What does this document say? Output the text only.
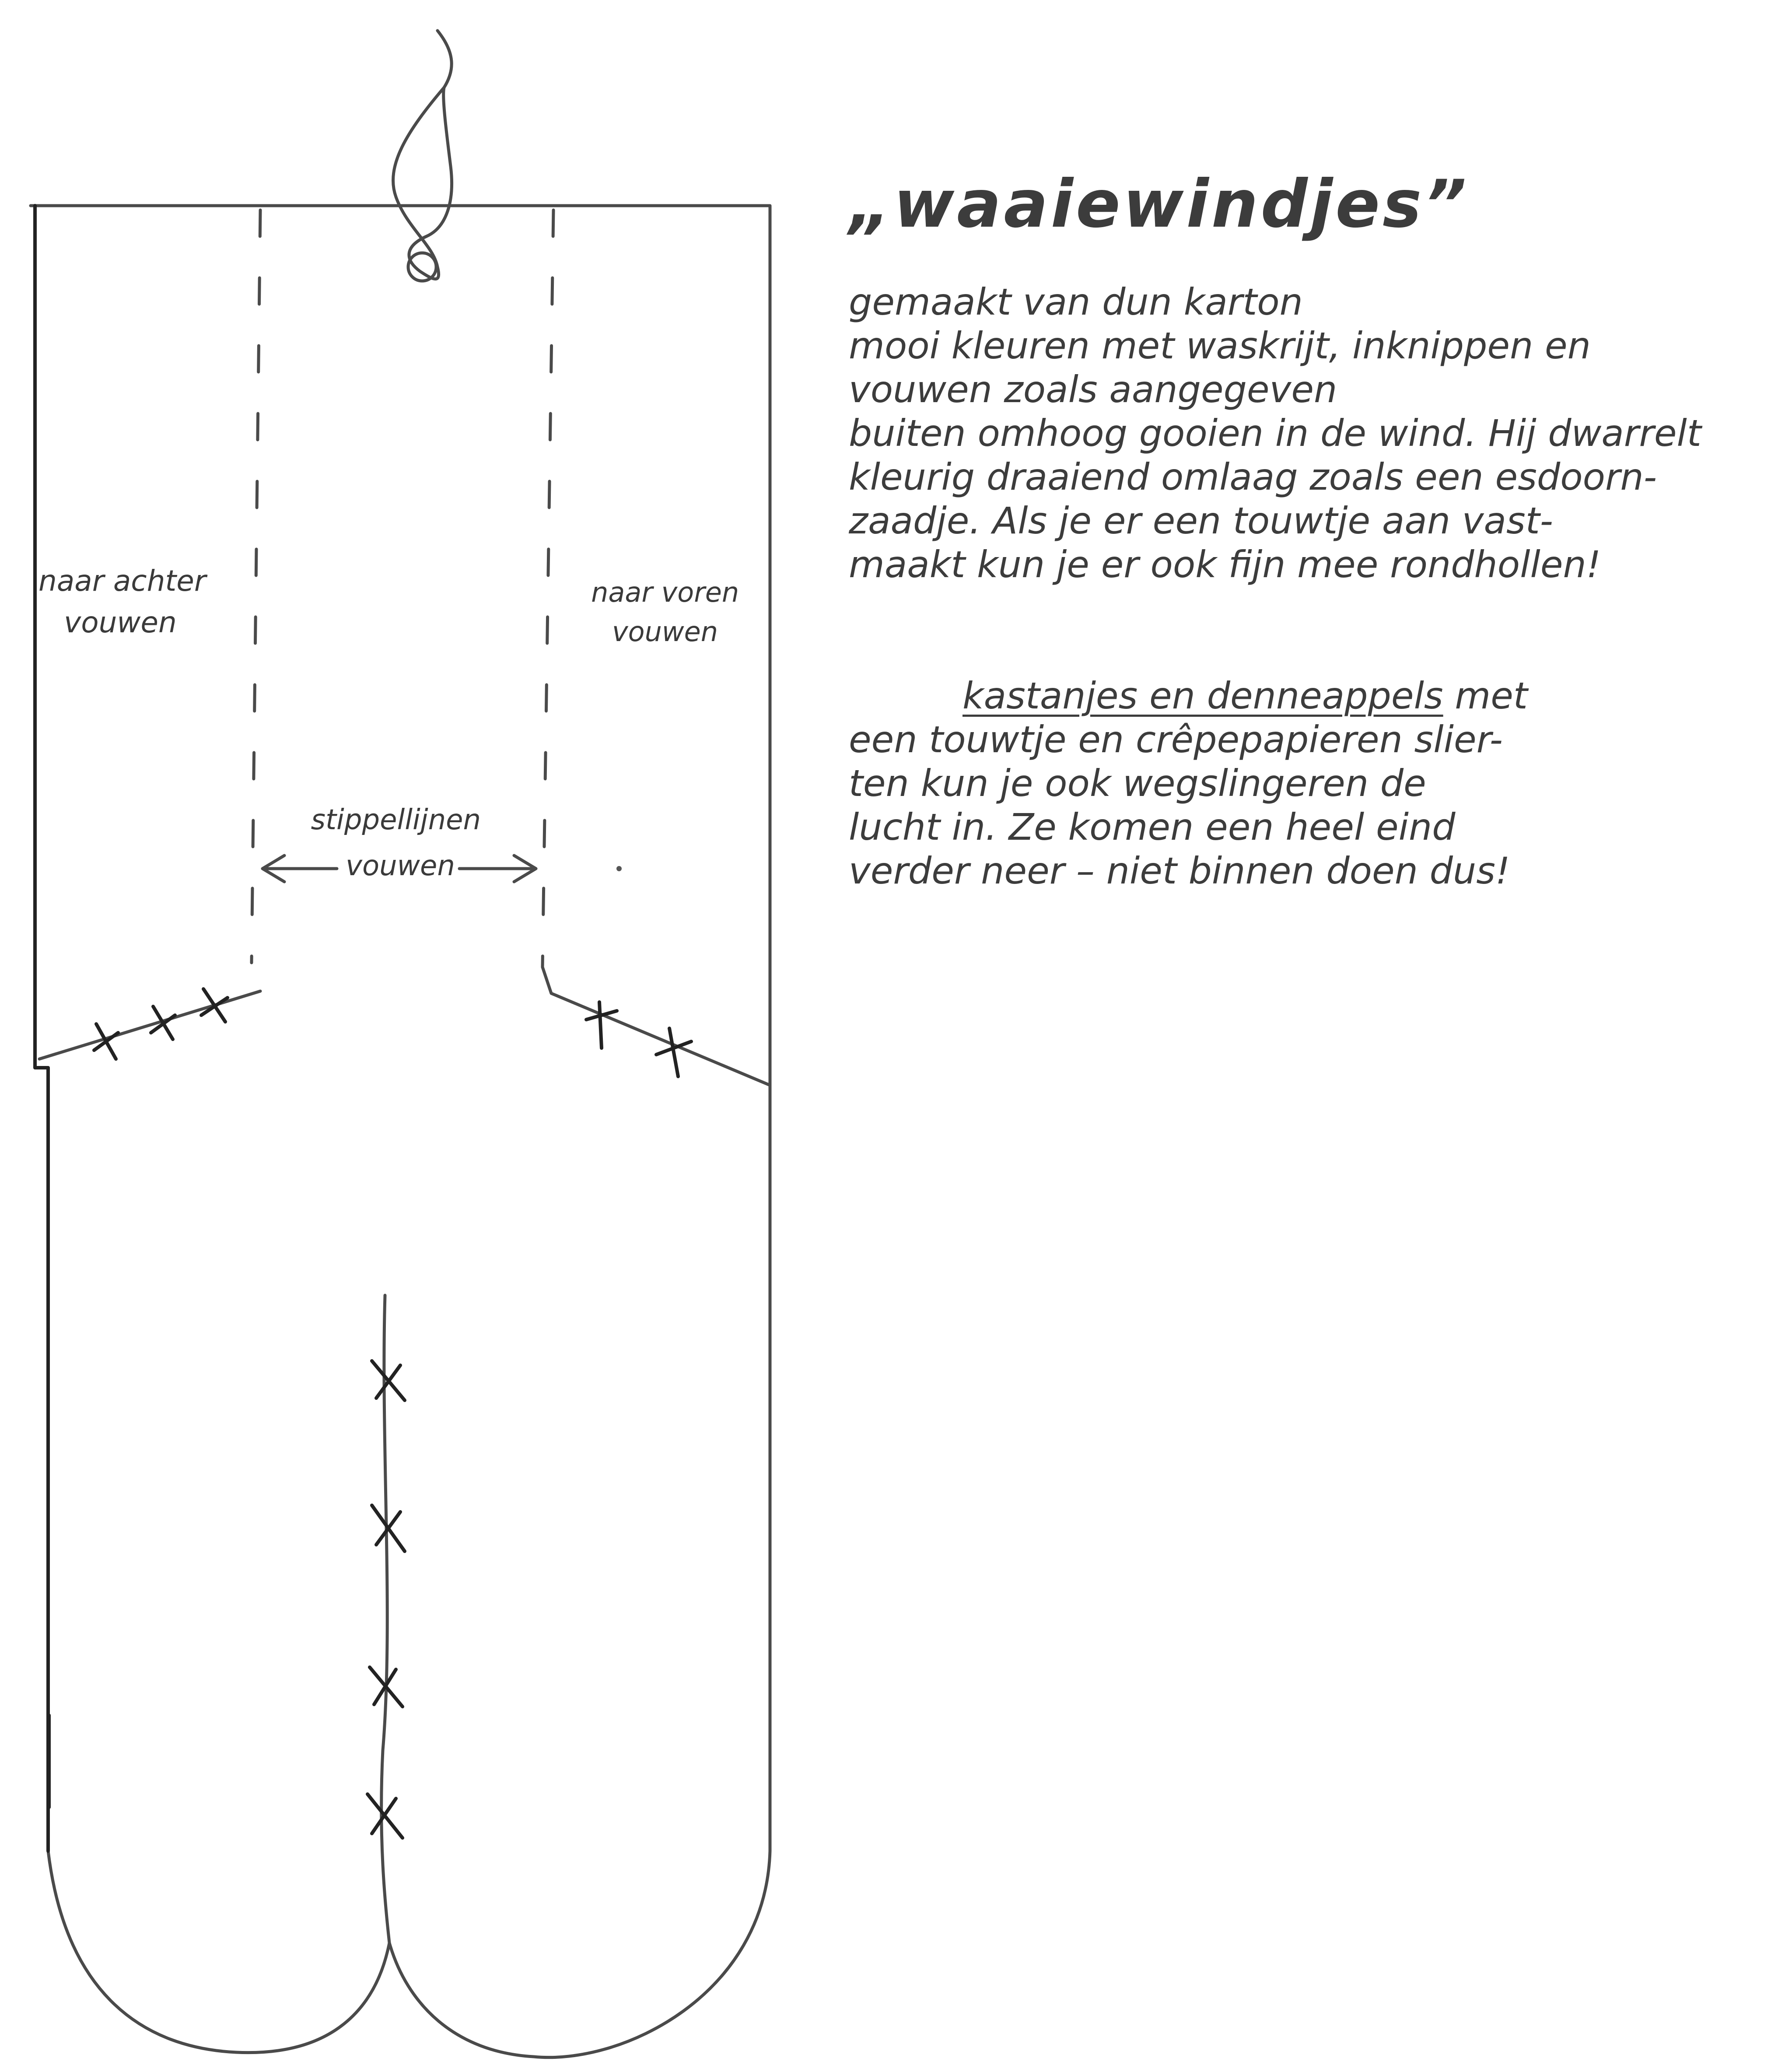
naar achter vouwen
naar voren vouwen
stippellijnen vouwen
„waaiewindjes”

gemaakt van dun karton

mooi kleuren met waskrijt, inknippen en

vouwen zoals aangegeven

buiten omhoog gooien in de wind. Hij dwarrelt

kleurig draaiend omlaag zoals een esdoorn-

zaadje. Als je er een touwtje aan vast-

maakt kun je er ook fijn mee rondhollen!

kastanjes en denneappels met

een touwtje en crêpepapieren slier-

ten kun je ook wegslingeren de

lucht in. Ze komen een heel eind

verder neer – niet binnen doen dus!
